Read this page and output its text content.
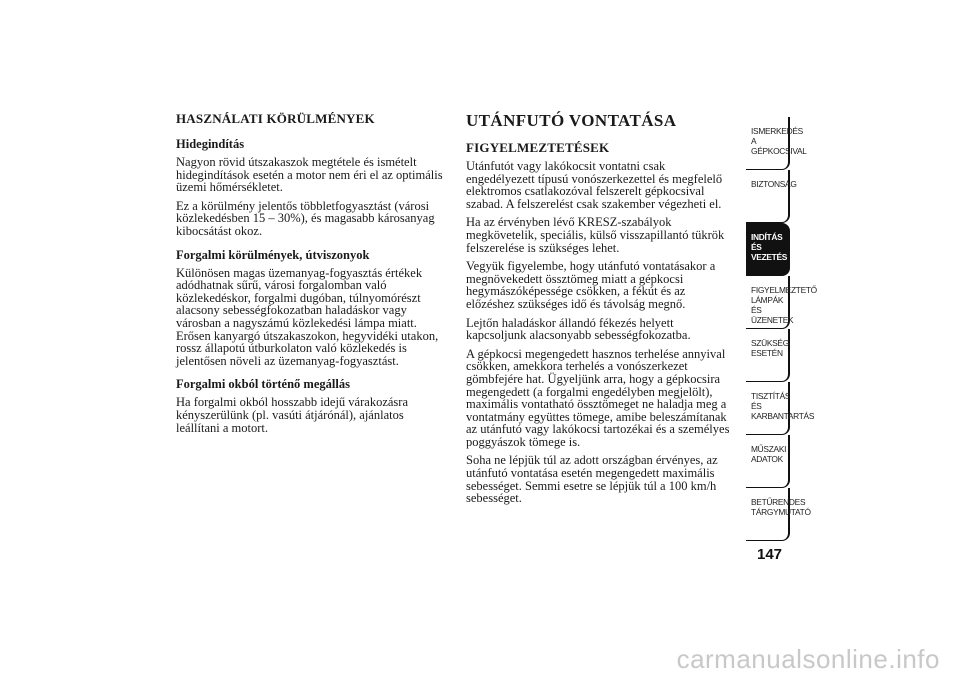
HASZNÁLATI KÖRÜLMÉNYEK
Hidegindítás

Nagyon rövid útszakaszok megtétele és ismételt hidegindítások esetén a motor nem éri el az optimális üzemi hőmérsékletet.

Ez a körülmény jelentős többletfogyasztást (városi közlekedésben 15 – 30%), és magasabb károsanyag kibocsátást okoz.

Forgalmi körülmények, útviszonyok

Különösen magas üzemanyag-fogyasztás értékek adódhatnak sűrű, városi forgalomban való közlekedéskor, forgalmi dugóban, túlnyomórészt alacsony sebességfokozatban haladáskor vagy városban a nagyszámú közlekedési lámpa miatt. Erősen kanyargó útszakaszokon, hegyvidéki utakon, rossz állapotú útburkolaton való közlekedés is jelentősen növeli az üzemanyag-fogyasztást.

Forgalmi okból történő megállás

Ha forgalmi okból hosszabb idejű várakozásra kényszerülünk (pl. vasúti átjárónál), ajánlatos leállítani a motort.

UTÁNFUTÓ VONTATÁSA
FIGYELMEZTETÉSEK

Utánfutót vagy lakókocsit vontatni csak engedélyezett típusú vonószerkezettel és megfelelő elektromos csatlakozóval felszerelt gépkocsival szabad. A felszerelést csak szakember végezheti el.

Ha az érvényben lévő KRESZ-szabályok megkövetelik, speciális, külső visszapillantó tükrök felszerelése is szükséges lehet.

Vegyük figyelembe, hogy utánfutó vontatásakor a megnövekedett össztömeg miatt a gépkocsi hegymászóképessége csökken, a fékút és az előzéshez szükséges idő és távolság megnő.

Lejtőn haladáskor állandó fékezés helyett kapcsoljunk alacsonyabb sebességfokozatba.

A gépkocsi megengedett hasznos terhelése annyival csökken, amekkora terhelés a vonószerkezet gömbfejére hat. Ügyeljünk arra, hogy a gépkocsira megengedett (a forgalmi engedélyben megjelölt), maximális vontatható össztömeget ne haladja meg a vontatmány együttes tömege, amibe beleszámítanak az utánfutó vagy lakókocsi tartozékai és a személyes poggyászok tömege is.

Soha ne lépjük túl az adott országban érvényes, az utánfutó vontatása esetén megengedett maximális sebességet. Semmi esetre se lépjük túl a 100 km/h sebességet.

ISMERKEDÉS A GÉPKOCSIVAL
BIZTONSÁG
INDÍTÁS ÉS VEZETÉS
FIGYELMEZTETŐ LÁMPÁK ÉS ÜZENETEK
SZÜKSÉG ESETÉN
TISZTÍTÁS ÉS KARBANTARTÁS
MŰSZAKI ADATOK
BETŰRENDES TÁRGYMUTATÓ
147
carmanualsonline.info
